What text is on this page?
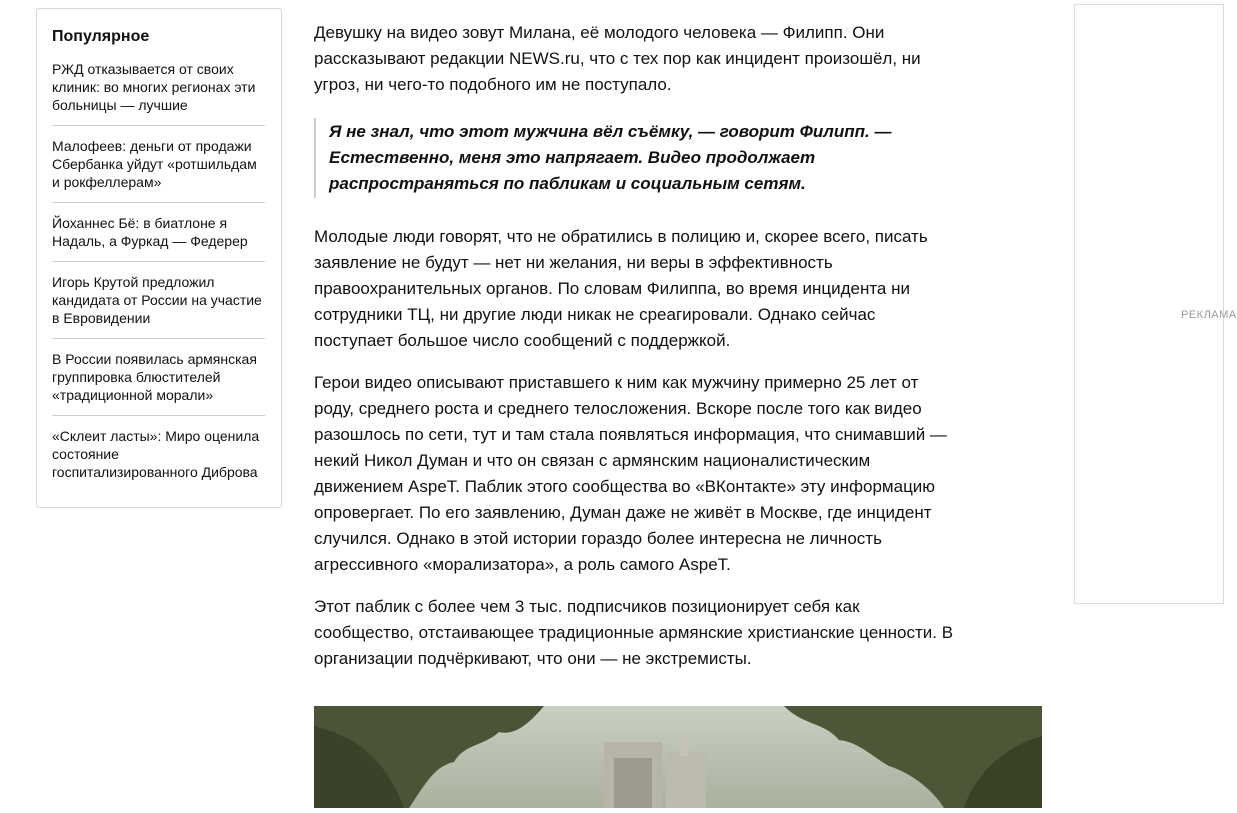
Популярное
РЖД отказывается от своих клиник: во многих регионах эти больницы — лучшие
Малофеев: деньги от продажи Сбербанка уйдут «ротшильдам и рокфеллерам»
Йоханнес Бё: в биатлоне я Надаль, а Фуркад — Федерер
Игорь Крутой предложил кандидата от России на участие в Евровидении
В России появилась армянская группировка блюстителей «традиционной морали»
«Склеит ласты»: Миро оценила состояние госпитализированного Диброва

Девушку на видео зовут Милана, её молодого человека — Филипп. Они рассказывают редакции NEWS.ru, что с тех пор как инцидент произошёл, ни угроз, ни чего-то подобного им не поступало.

Я не знал, что этот мужчина вёл съёмку, — говорит Филипп. — Естественно, меня это напрягает. Видео продолжает распространяться по пабликам и социальным сетям.

Молодые люди говорят, что не обратились в полицию и, скорее всего, писать заявление не будут — нет ни желания, ни веры в эффективность правоохранительных органов. По словам Филиппа, во время инцидента ни сотрудники ТЦ, ни другие люди никак не среагировали. Однако сейчас поступает большое число сообщений с поддержкой.

Герои видео описывают приставшего к ним как мужчину примерно 25 лет от роду, среднего роста и среднего телосложения. Вскоре после того как видео разошлось по сети, тут и там стала появляться информация, что снимавший — некий Никол Думан и что он связан с армянским националистическим движением AspeT. Паблик этого сообщества во «ВКонтакте» эту информацию опровергает. По его заявлению, Думан даже не живёт в Москве, где инцидент случился. Однако в этой истории гораздо более интересна не личность агрессивного «морализатора», а роль самого AspeT.

Этот паблик с более чем 3 тыс. подписчиков позиционирует себя как сообщество, отстаивающее традиционные армянские христианские ценности. В организации подчёркивают, что они — не экстремисты.

РЕКЛАМА
